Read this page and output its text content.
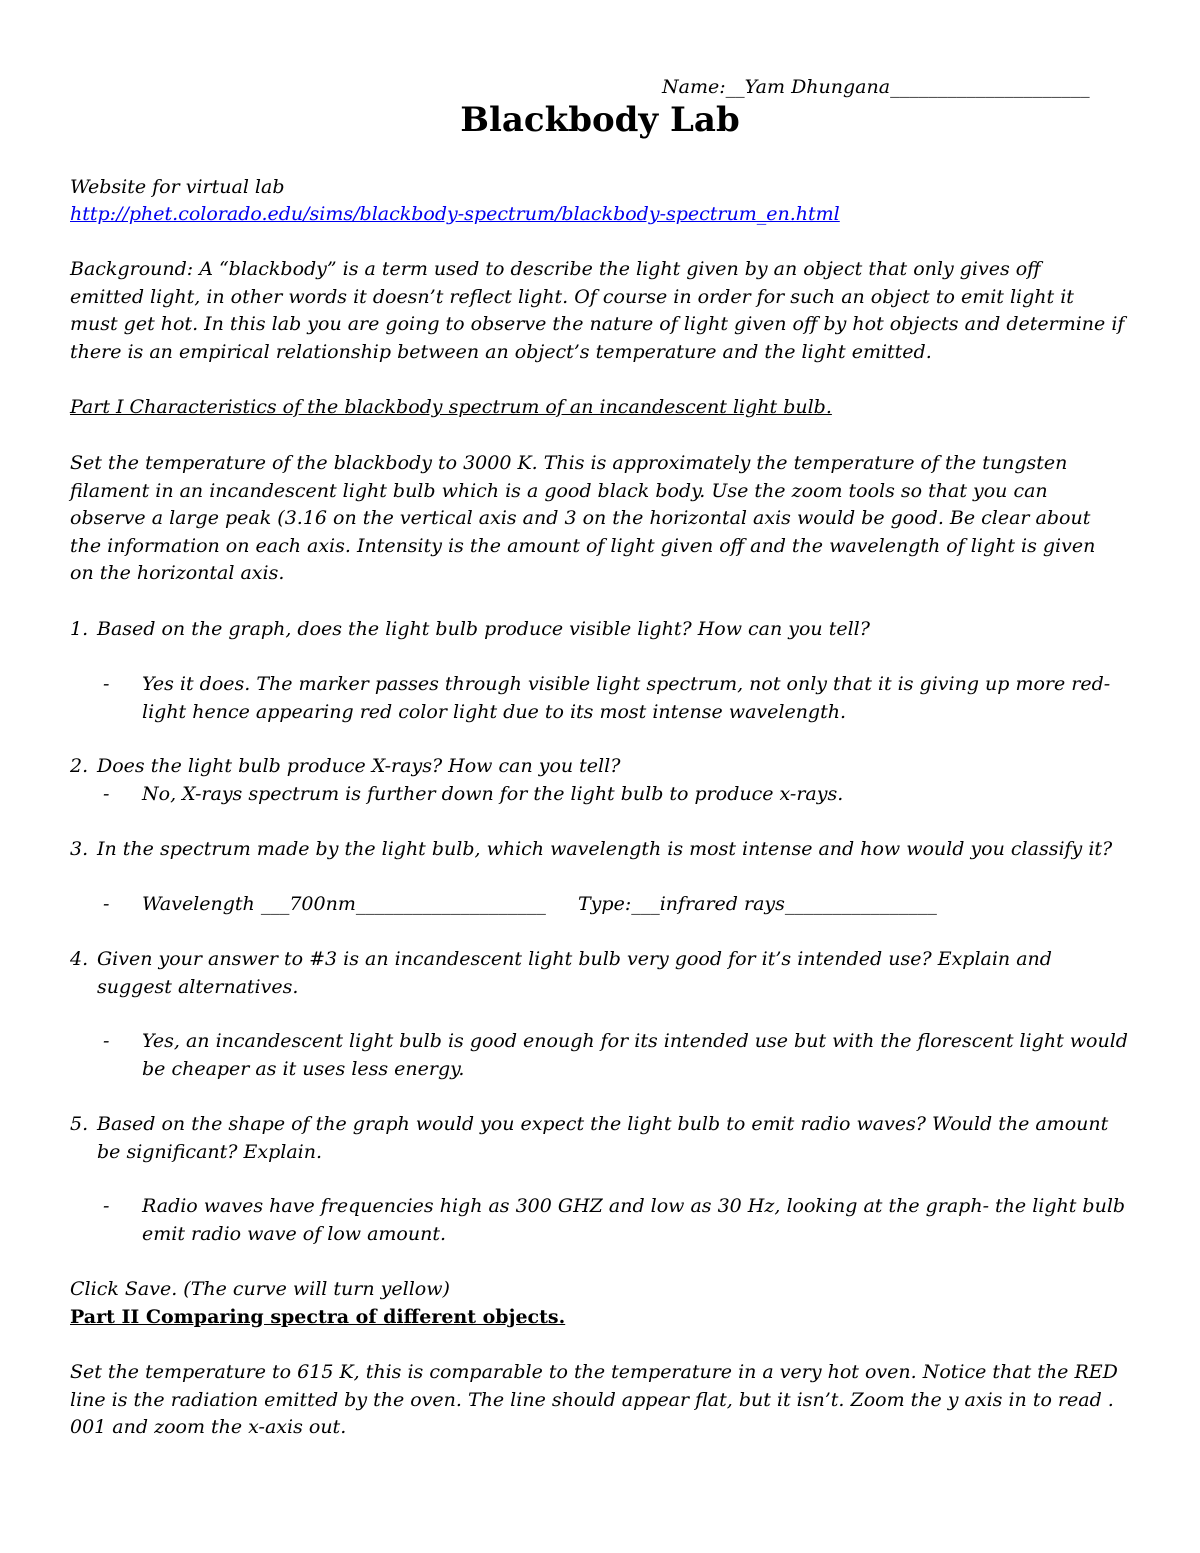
Name:__Yam Dhungana_____________________
Blackbody Lab
Website for virtual lab
http://phet.colorado.edu/sims/blackbody-spectrum/blackbody-spectrum_en.html
Background: A “blackbody” is a term used to describe the light given by an object that only gives off
emitted light, in other words it doesn’t reflect light. Of course in order for such an object to emit light it
must get hot. In this lab you are going to observe the nature of light given off by hot objects and determine if
there is an empirical relationship between an object’s temperature and the light emitted.
Part I Characteristics of the blackbody spectrum of an incandescent light bulb.
Set the temperature of the blackbody to 3000 K. This is approximately the temperature of the tungsten
filament in an incandescent light bulb which is a good black body. Use the zoom tools so that you can
observe a large peak (3.16 on the vertical axis and 3 on the horizontal axis would be good. Be clear about
the information on each axis. Intensity is the amount of light given off and the wavelength of light is given
on the horizontal axis.
1. Based on the graph, does the light bulb produce visible light? How can you tell?
- Yes it does. The marker passes through visible light spectrum, not only that it is giving up more red-
light hence appearing red color light due to its most intense wavelength.
2. Does the light bulb produce X-rays? How can you tell?
- No, X-rays spectrum is further down for the light bulb to produce x-rays.
3. In the spectrum made by the light bulb, which wavelength is most intense and how would you classify it?
- Wavelength ___700nm____________________ Type:___infrared rays________________
4. Given your answer to #3 is an incandescent light bulb very good for it’s intended use? Explain and
suggest alternatives.
- Yes, an incandescent light bulb is good enough for its intended use but with the florescent light would
be cheaper as it uses less energy.
5. Based on the shape of the graph would you expect the light bulb to emit radio waves? Would the amount
be significant? Explain.
- Radio waves have frequencies high as 300 GHZ and low as 30 Hz, looking at the graph- the light bulb
emit radio wave of low amount.
Click Save. (The curve will turn yellow)
Part II Comparing spectra of different objects.
Set the temperature to 615 K, this is comparable to the temperature in a very hot oven. Notice that the RED
line is the radiation emitted by the oven. The line should appear flat, but it isn’t. Zoom the y axis in to read .
001 and zoom the x-axis out.
